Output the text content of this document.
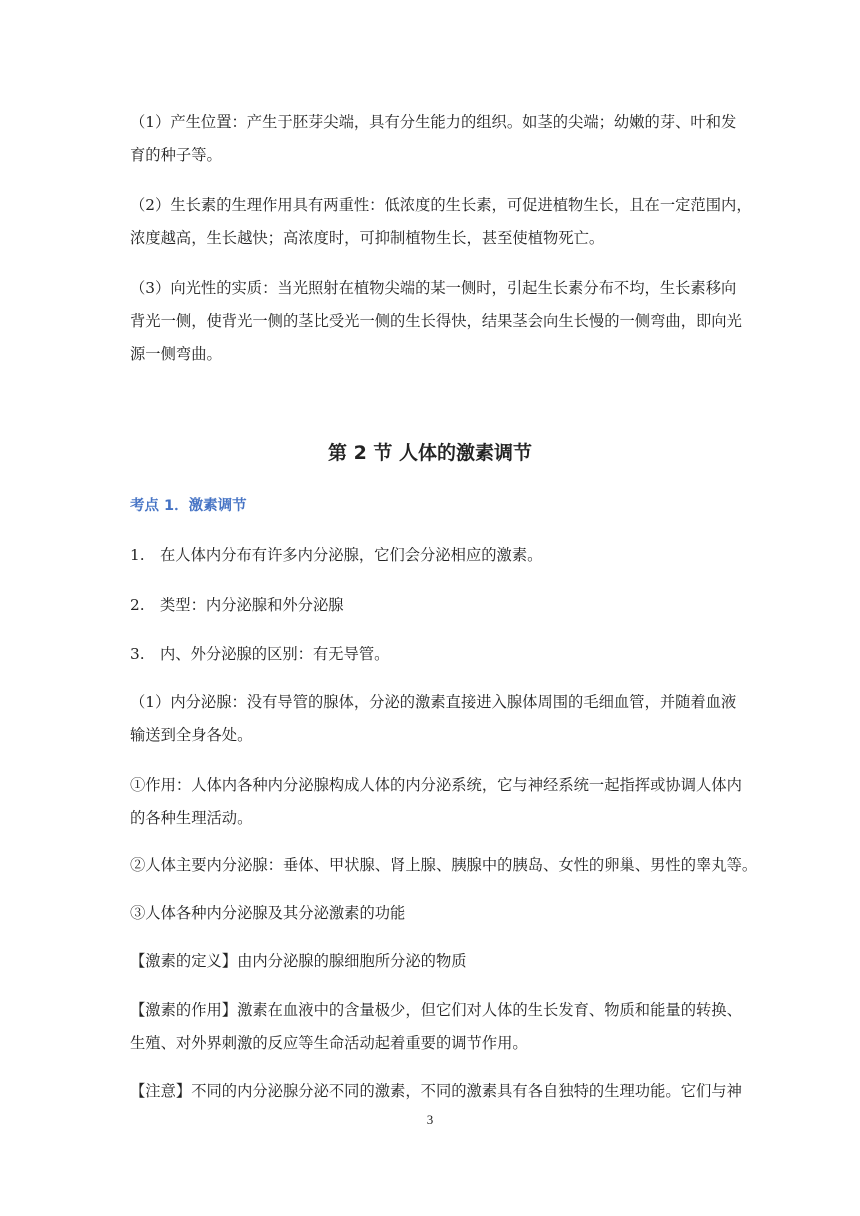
（1）产生位置：产生于胚芽尖端，具有分生能力的组织。如茎的尖端；幼嫩的芽、叶和发
育的种子等。

（2）生长素的生理作用具有两重性：低浓度的生长素，可促进植物生长，且在一定范围内，
浓度越高，生长越快；高浓度时，可抑制植物生长，甚至使植物死亡。

（3）向光性的实质：当光照射在植物尖端的某一侧时，引起生长素分布不均，生长素移向
背光一侧，使背光一侧的茎比受光一侧的生长得快，结果茎会向生长慢的一侧弯曲，即向光
源一侧弯曲。

第 2 节 人体的激素调节
考点 1．激素调节

1. 在人体内分布有许多内分泌腺，它们会分泌相应的激素。

2. 类型：内分泌腺和外分泌腺

3. 内、外分泌腺的区别：有无导管。

（1）内分泌腺：没有导管的腺体，分泌的激素直接进入腺体周围的毛细血管，并随着血液
输送到全身各处。

①作用：人体内各种内分泌腺构成人体的内分泌系统，它与神经系统一起指挥或协调人体内
的各种生理活动。

②人体主要内分泌腺：垂体、甲状腺、肾上腺、胰腺中的胰岛、女性的卵巢、男性的睾丸等。

③人体各种内分泌腺及其分泌激素的功能

【激素的定义】由内分泌腺的腺细胞所分泌的物质

【激素的作用】激素在血液中的含量极少，但它们对人体的生长发育、物质和能量的转换、
生殖、对外界刺激的反应等生命活动起着重要的调节作用。

【注意】不同的内分泌腺分泌不同的激素，不同的激素具有各自独特的生理功能。它们与神

3
